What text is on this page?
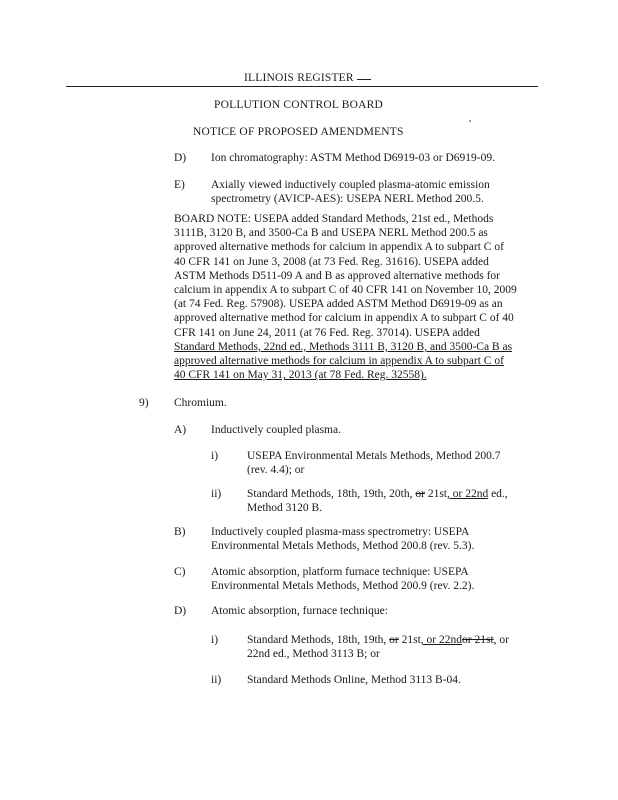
ILLINOIS REGISTER
POLLUTION CONTROL BOARD
NOTICE OF PROPOSED AMENDMENTS
D) Ion chromatography: ASTM Method D6919-03 or D6919-09.
E) Axially viewed inductively coupled plasma-atomic emission
spectrometry (AVICP-AES): USEPA NERL Method 200.5.
BOARD NOTE: USEPA added Standard Methods, 21st ed., Methods
3111B, 3120 B, and 3500-Ca B and USEPA NERL Method 200.5 as
approved alternative methods for calcium in appendix A to subpart C of
40 CFR 141 on June 3, 2008 (at 73 Fed. Reg. 31616). USEPA added
ASTM Methods D511-09 A and B as approved alternative methods for
calcium in appendix A to subpart C of 40 CFR 141 on November 10, 2009
(at 74 Fed. Reg. 57908). USEPA added ASTM Method D6919-09 as an
approved alternative method for calcium in appendix A to subpart C of 40
CFR 141 on June 24, 2011 (at 76 Fed. Reg. 37014). USEPA added
Standard Methods, 22nd ed., Methods 3111 B, 3120 B, and 3500-Ca B as
approved alternative methods for calcium in appendix A to subpart C of
40 CFR 141 on May 31, 2013 (at 78 Fed. Reg. 32558).
9) Chromium.
A) Inductively coupled plasma.
i)	USEPA Environmental Metals Methods, Method 200.7
(rev. 4.4); or
ii) Standard Methods, 18th, 19th, 20th, or 21st, or 22nd ed.,
Method 3120 B.
B) Inductively coupled plasma-mass spectrometry: USEPA
Environmental Metals Methods, Method 200.8 (rev. 5.3).
C) Atomic absorption, platform furnace technique: USEPA
Environmental Metals Methods, Method 200.9 (rev. 2.2).
D) Atomic absorption, furnace technique:
i)	Standard Methods, 18th, 19th, or 21st, or 22ndor 21st, or
22nd ed., Method 3113 B; or
ii) Standard Methods Online, Method 3113 B-04.
